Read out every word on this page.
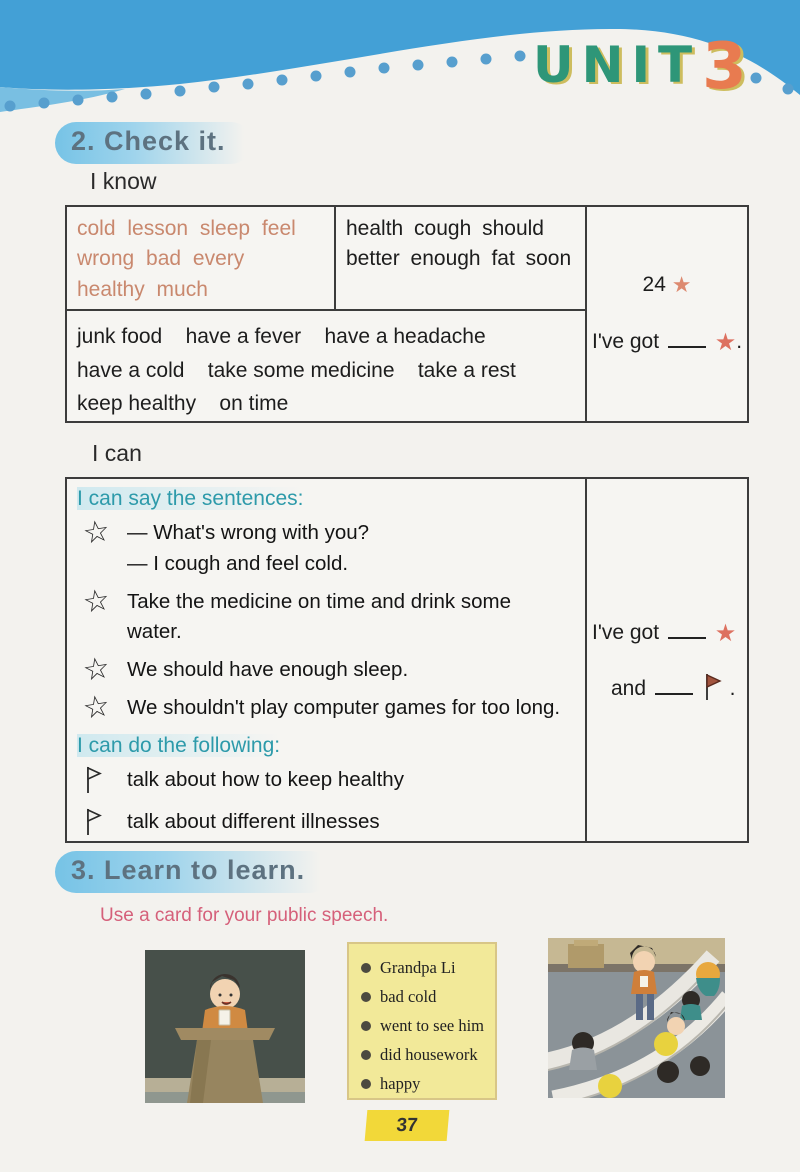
UNIT3
2. Check it.
I know
cold lesson sleep feel
wrong bad every
healthy much
health cough should
better enough fat soon
junk food    have a fever    have a headache
have a cold    take some medicine    take a rest
keep healthy    on time
24 ★
I've got ★.
I can
I can say the sentences:
☆ — What's wrong with you?
— I cough and feel cold.
☆ Take the medicine on time and drink some
water.
☆ We should have enough sleep.
☆ We shouldn't play computer games for too long.
I can do the following:
talk about how to keep healthy
talk about different illnesses
I've got ★
and	.
3. Learn to learn.
Use a card for your public speech.
Grandpa Li
bad cold
went to see him
did housework
happy
37
